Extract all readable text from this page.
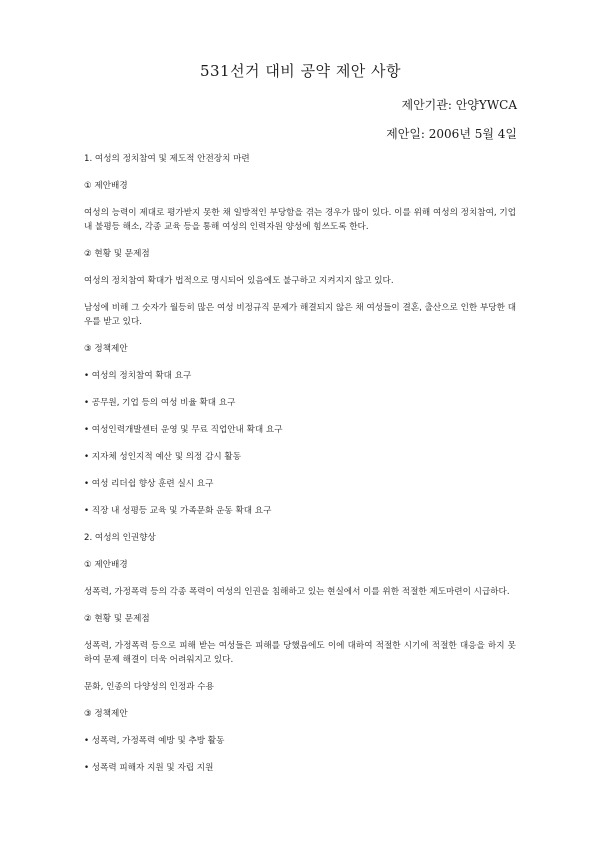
531선거 대비 공약 제안 사항
제안기관: 안양YWCA
제안일: 2006년 5월 4일

1. 여성의 정치참여 및 제도적 안전장치 마련

① 제안배경

여성의 능력이 제대로 평가받지 못한 채 일방적인 부당함을 겪는 경우가 많이 있다. 이를 위해 여성의 정치참여, 기업 내 불평등 해소, 각종 교육 등을 통해 여성의 인력자원 양성에 힘쓰도록 한다.

② 현황 및 문제점

여성의 정치참여 확대가 법적으로 명시되어 있음에도 불구하고 지켜지지 않고 있다.

남성에 비해 그 숫자가 월등히 많은 여성 비정규직 문제가 해결되지 않은 채 여성들이 결혼, 출산으로 인한 부당한 대우를 받고 있다.

③ 정책제안

• 여성의 정치참여 확대 요구

• 공무원, 기업 등의 여성 비율 확대 요구

• 여성인력개발센터 운영 및 무료 직업안내 확대 요구

• 지자체 성인지적 예산 및 의정 감시 활동

• 여성 리더쉽 향상 훈련 실시 요구

• 직장 내 성평등 교육 및 가족문화 운동 확대 요구

2. 여성의 인권향상

① 제안배경

성폭력, 가정폭력 등의 각종 폭력이 여성의 인권을 침해하고 있는 현실에서 이를 위한 적절한 제도마련이 시급하다.

② 현황 및 문제점

성폭력, 가정폭력 등으로 피해 받는 여성들은 피해를 당했음에도 이에 대하여 적절한 시기에 적절한 대응을 하지 못하여 문제 해결이 더욱 어려워지고 있다.

문화, 인종의 다양성의 인정과 수용

③ 정책제안

• 성폭력, 가정폭력 예방 및 추방 활동

• 성폭력 피해자 지원 및 자립 지원
